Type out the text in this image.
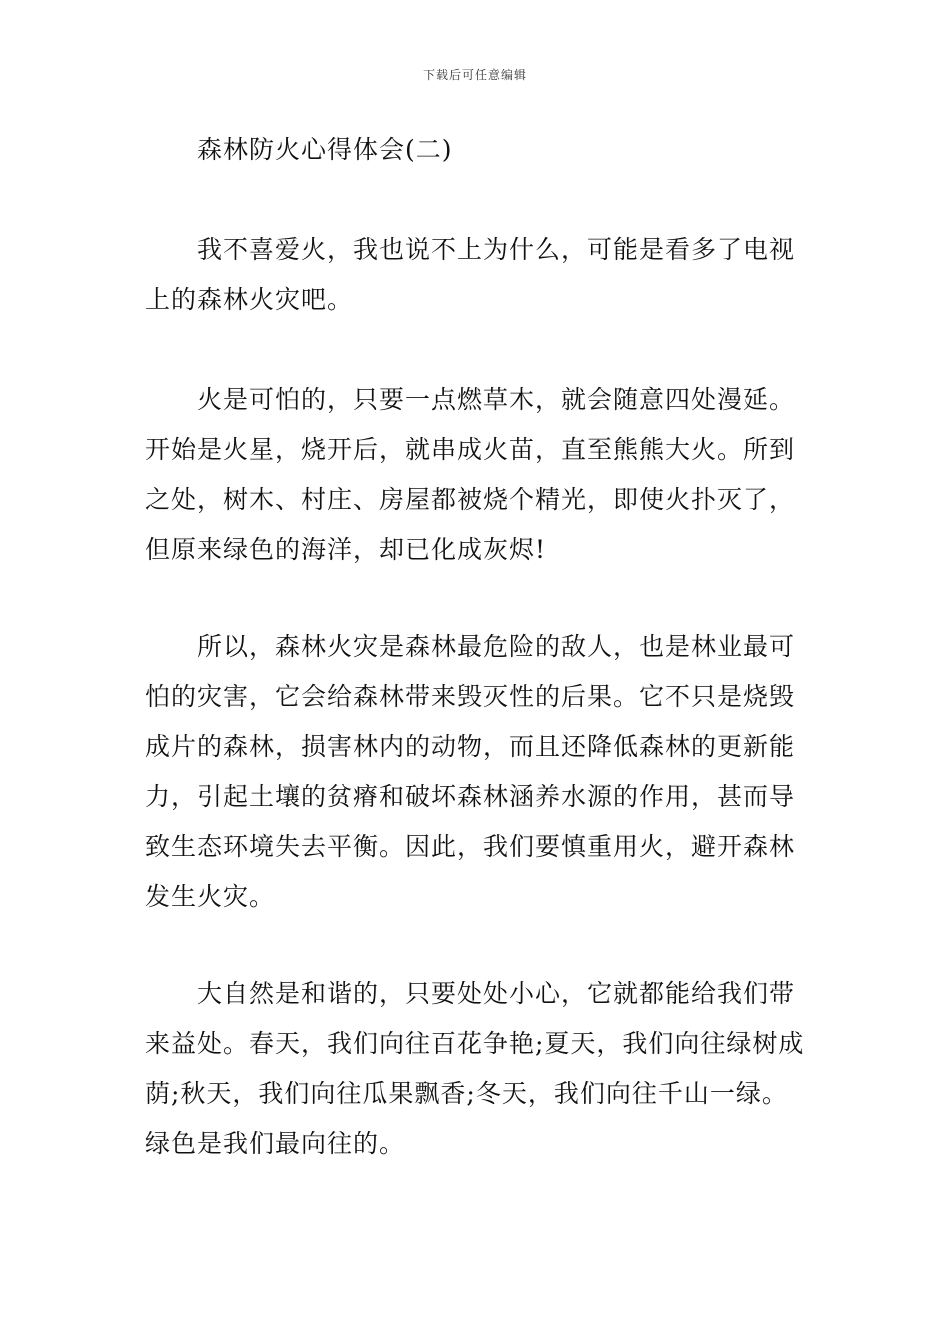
下载后可任意编辑
森林防火心得体会(二)
我不喜爱火，我也说不上为什么，可能是看多了电视
上的森林火灾吧。
火是可怕的，只要一点燃草木，就会随意四处漫延。
开始是火星，烧开后，就串成火苗，直至熊熊大火。所到
之处，树木、村庄、房屋都被烧个精光，即使火扑灭了，
但原来绿色的海洋，却已化成灰烬!
所以，森林火灾是森林最危险的敌人，也是林业最可
怕的灾害，它会给森林带来毁灭性的后果。它不只是烧毁
成片的森林，损害林内的动物，而且还降低森林的更新能
力，引起土壤的贫瘠和破坏森林涵养水源的作用，甚而导
致生态环境失去平衡。因此，我们要慎重用火，避开森林
发生火灾。
大自然是和谐的，只要处处小心，它就都能给我们带
来益处。春天，我们向往百花争艳;夏天，我们向往绿树成
荫;秋天，我们向往瓜果飘香;冬天，我们向往千山一绿。
绿色是我们最向往的。
